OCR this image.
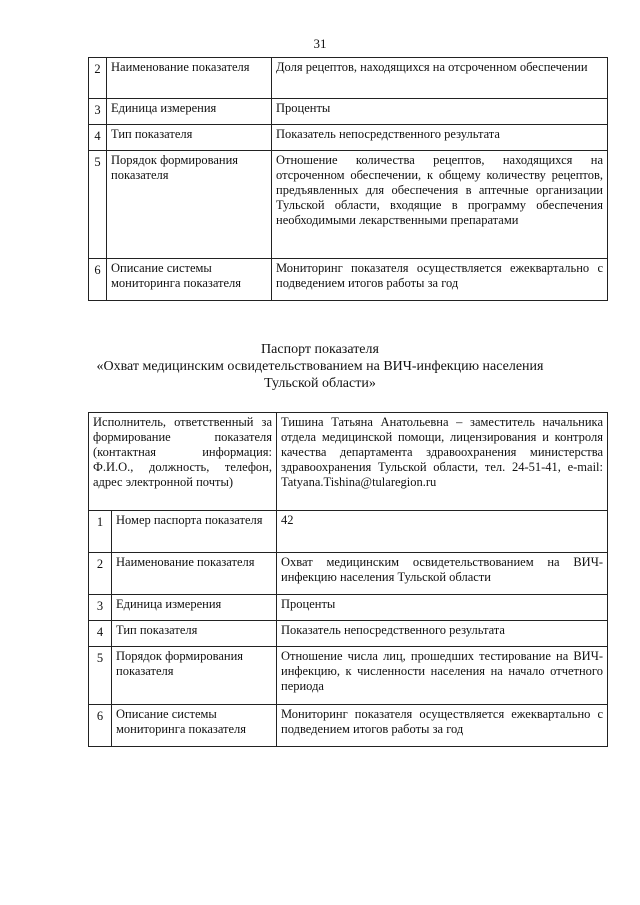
31
2	Наименование показателя	Доля рецептов, находящихся на отсроченном обеспечении
3	Единица измерения	Проценты
4	Тип показателя	Показатель непосредственного результата
5	Порядок формирования показателя	Отношение количества рецептов, находящихся на отсроченном обеспечении, к общему количеству рецептов, предъявленных для обеспечения в аптечные организации Тульской области, входящие в программу обеспечения необходимыми лекарственными препаратами
6	Описание системы мониторинга показателя	Мониторинг показателя осуществляется ежеквартально с подведением итогов работы за год
Паспорт показателя
«Охват медицинским освидетельствованием на ВИЧ-инфекцию населения
Тульской области»
Исполнитель, ответственный за формирование показателя (контактная информация: Ф.И.О., должность, телефон, адрес электронной почты)		Тишина Татьяна Анатольевна – заместитель начальника отдела медицинской помощи, лицензирования и контроля качества департамента здравоохранения министерства здравоохранения Тульской области, тел. 24-51-41, e-mail: Tatyana.Tishina@tularegion.ru
1	Номер паспорта показателя	42
2	Наименование показателя	Охват медицинским освидетельствованием на ВИЧ-инфекцию населения Тульской области
3	Единица измерения	Проценты
4	Тип показателя	Показатель непосредственного результата
5	Порядок формирования показателя	Отношение числа лиц, прошедших тестирование на ВИЧ-инфекцию, к численности населения на начало отчетного периода
6	Описание системы мониторинга показателя	Мониторинг показателя осуществляется ежеквартально с подведением итогов работы за год
